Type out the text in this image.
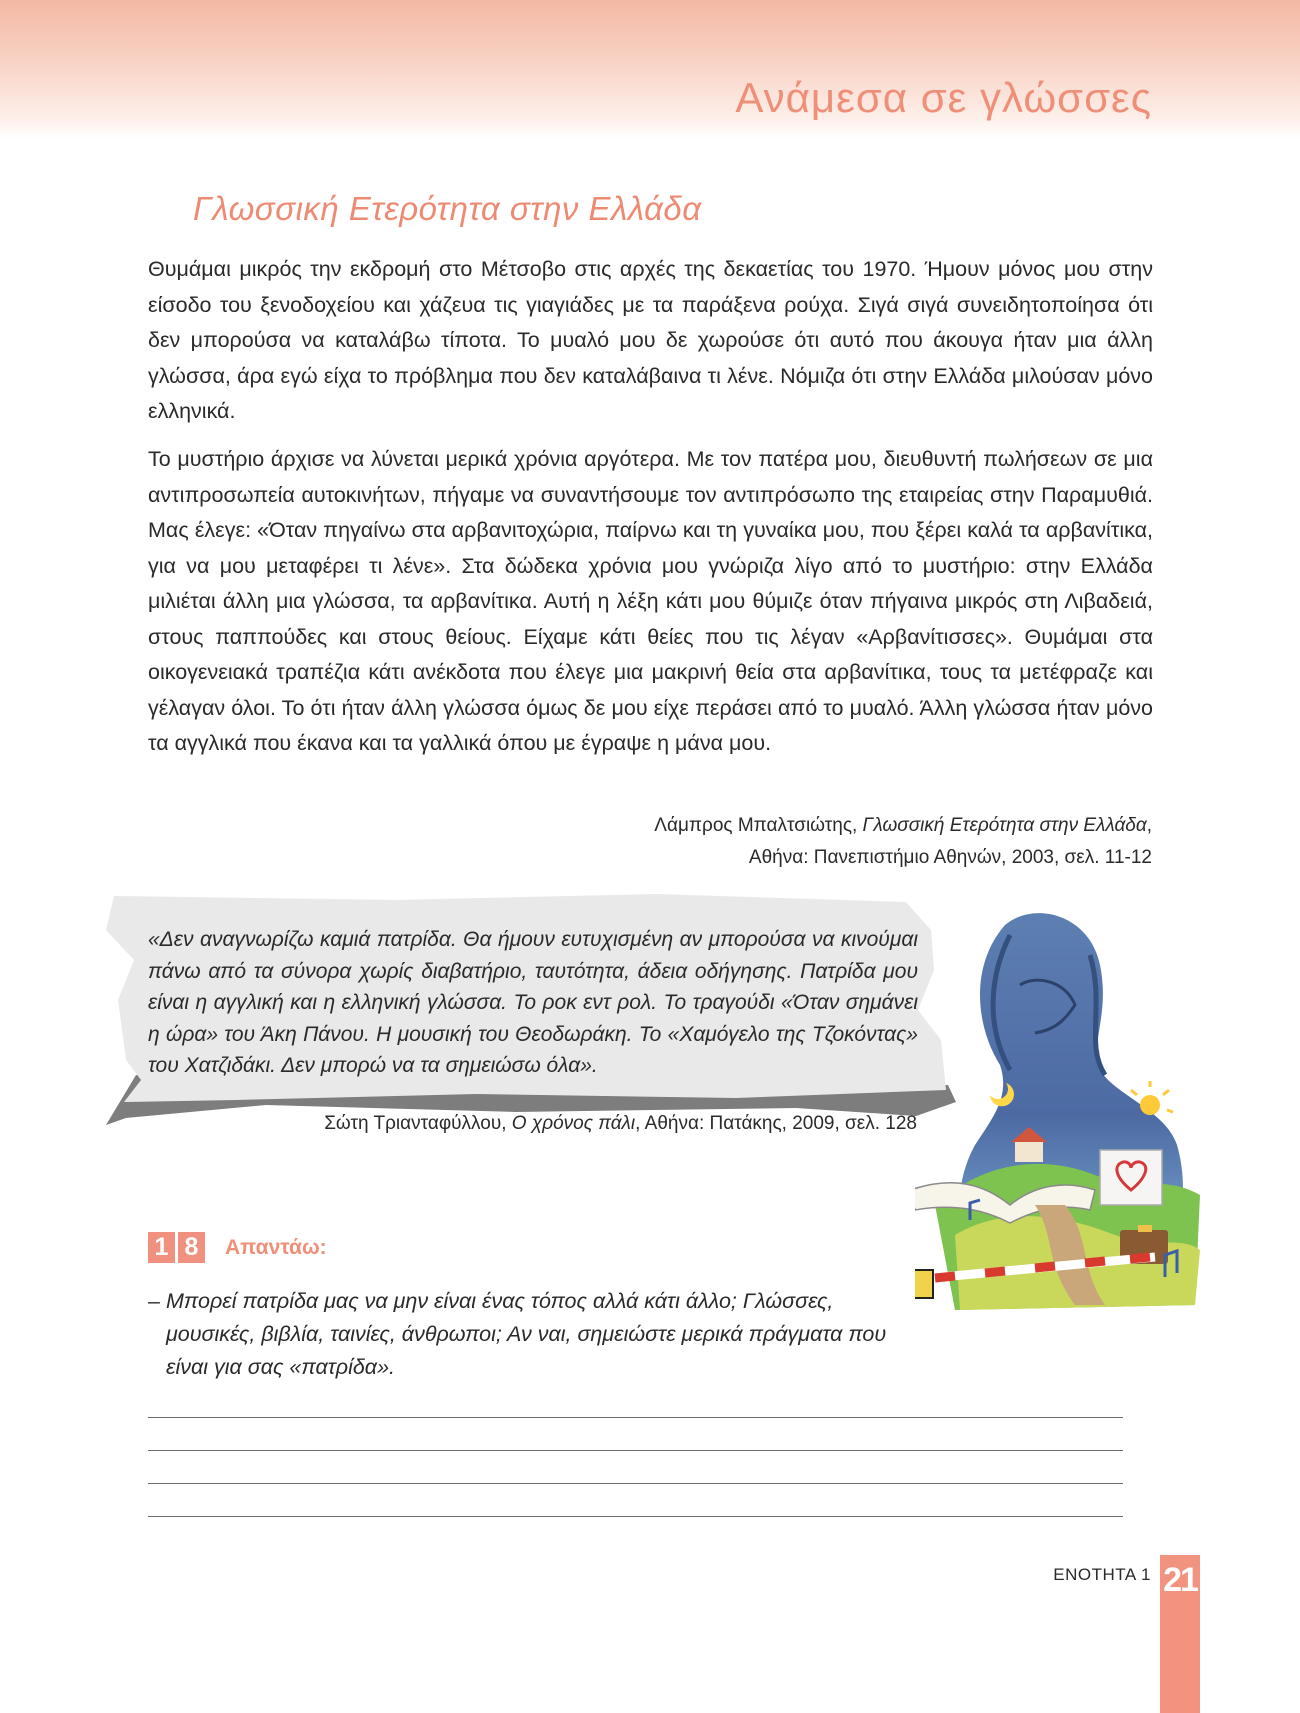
Ανάμεσα σε γλώσσες
Γλωσσική Ετερότητα στην Ελλάδα
Θυμάμαι μικρός την εκδρομή στο Μέτσοβο στις αρχές της δεκαετίας του 1970. Ήμουν μόνος μου στην είσοδο του ξενοδοχείου και χάζευα τις γιαγιάδες με τα παράξενα ρούχα. Σιγά σιγά συνειδητοποίησα ότι δεν μπορούσα να καταλάβω τίποτα. Το μυαλό μου δε χωρούσε ότι αυτό που άκουγα ήταν μια άλλη γλώσσα, άρα εγώ είχα το πρόβλημα που δεν καταλάβαινα τι λένε. Νόμιζα ότι στην Ελλάδα μιλούσαν μόνο ελληνικά.
Το μυστήριο άρχισε να λύνεται μερικά χρόνια αργότερα. Με τον πατέρα μου, διευθυντή πωλήσεων σε μια αντιπροσωπεία αυτοκινήτων, πήγαμε να συναντήσουμε τον αντιπρόσωπο της εταιρείας στην Παραμυθιά. Μας έλεγε: «Όταν πηγαίνω στα αρβανιτοχώρια, παίρνω και τη γυναίκα μου, που ξέρει καλά τα αρβανίτικα, για να μου μεταφέρει τι λένε». Στα δώδεκα χρόνια μου γνώριζα λίγο από το μυστήριο: στην Ελλάδα μιλιέται άλλη μια γλώσσα, τα αρβανίτικα. Αυτή η λέξη κάτι μου θύμιζε όταν πήγαινα μικρός στη Λιβαδειά, στους παππούδες και στους θείους. Είχαμε κάτι θείες που τις λέγαν «Αρβανίτισσες». Θυμάμαι στα οικογενειακά τραπέζια κάτι ανέκδοτα που έλεγε μια μακρινή θεία στα αρβανίτικα, τους τα μετέφραζε και γέλαγαν όλοι. Το ότι ήταν άλλη γλώσσα όμως δε μου είχε περάσει από το μυαλό. Άλλη γλώσσα ήταν μόνο τα αγγλικά που έκανα και τα γαλλικά όπου με έγραψε η μάνα μου.
Λάμπρος Μπαλτσιώτης, Γλωσσική Ετερότητα στην Ελλάδα,
Αθήνα: Πανεπιστήμιο Αθηνών, 2003, σελ. 11-12
«Δεν αναγνωρίζω καμιά πατρίδα. Θα ήμουν ευτυχισμένη αν μπορούσα να κινούμαι πάνω από τα σύνορα χωρίς διαβατήριο, ταυτότητα, άδεια οδήγησης. Πατρίδα μου είναι η αγγλική και η ελληνική γλώσσα. Το ροκ εντ ρολ. Το τραγούδι «Όταν σημάνει η ώρα» του Άκη Πάνου. Η μουσική του Θεοδωράκη. Το «Χαμόγελο της Τζοκόντας» του Χατζιδάκι. Δεν μπορώ να τα σημειώσω όλα».
Σώτη Τριανταφύλλου, Ο χρόνος πάλι, Αθήνα: Πατάκης, 2009, σελ. 128
1 8	Απαντάω:
– Μπορεί πατρίδα μας να μην είναι ένας τόπος αλλά κάτι άλλο; Γλώσσες, μουσικές, βιβλία, ταινίες, άνθρωποι; Αν ναι, σημειώστε μερικά πράγματα που είναι για σας «πατρίδα».
ΕΝΟΤΗΤΑ 1 21
